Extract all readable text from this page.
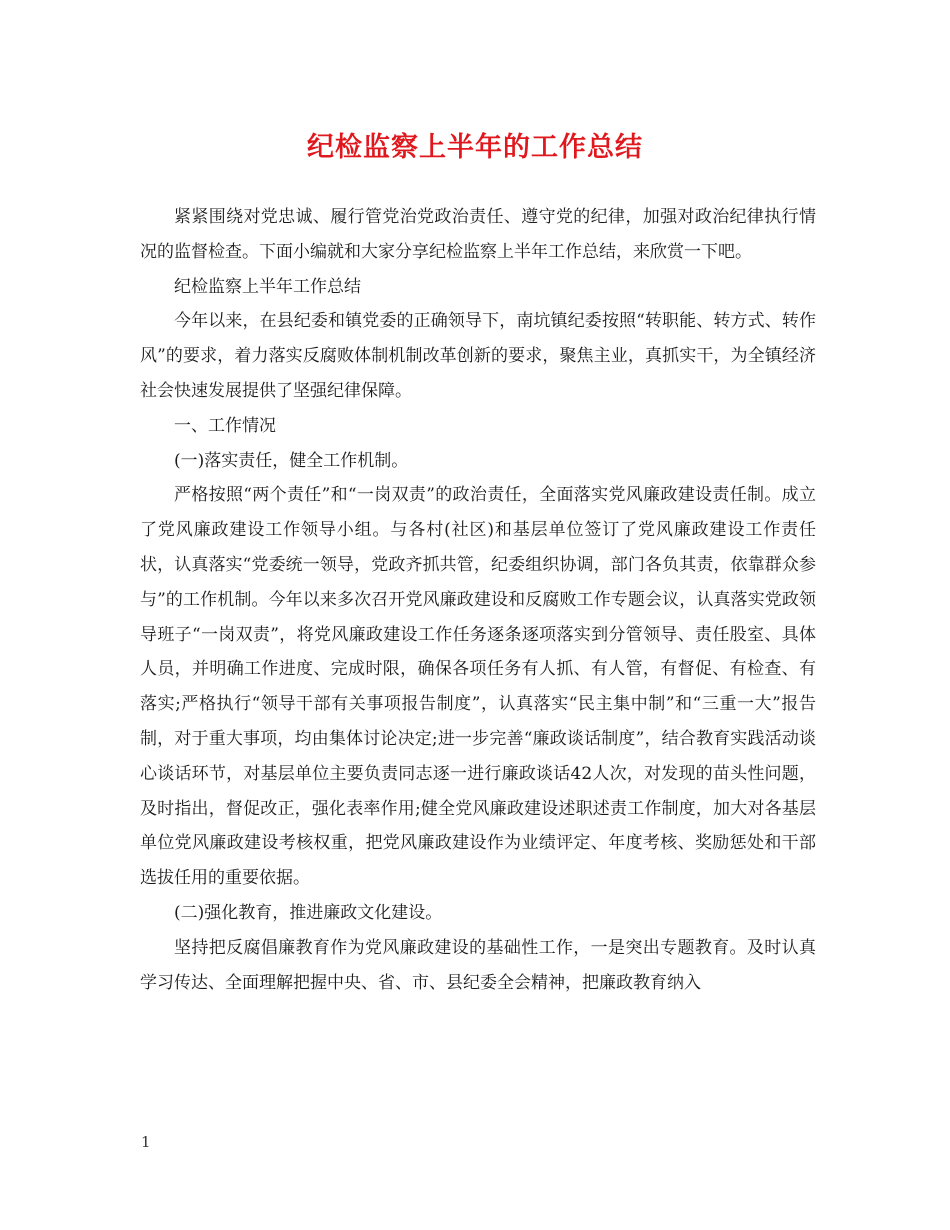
纪检监察上半年的工作总结

紧紧围绕对党忠诚、履行管党治党政治责任、遵守党的纪律，加强对政治纪律执行情况的监督检查。下面小编就和大家分享纪检监察上半年工作总结，来欣赏一下吧。

纪检监察上半年工作总结

今年以来，在县纪委和镇党委的正确领导下，南坑镇纪委按照“转职能、转方式、转作风”的要求，着力落实反腐败体制机制改革创新的要求，聚焦主业，真抓实干，为全镇经济社会快速发展提供了坚强纪律保障。

一、工作情况

(一)落实责任，健全工作机制。

严格按照“两个责任”和“一岗双责”的政治责任，全面落实党风廉政建设责任制。成立了党风廉政建设工作领导小组。与各村(社区)和基层单位签订了党风廉政建设工作责任状，认真落实“党委统一领导，党政齐抓共管，纪委组织协调，部门各负其责，依靠群众参与”的工作机制。今年以来多次召开党风廉政建设和反腐败工作专题会议，认真落实党政领导班子“一岗双责”，将党风廉政建设工作任务逐条逐项落实到分管领导、责任股室、具体人员，并明确工作进度、完成时限，确保各项任务有人抓、有人管，有督促、有检查、有落实;严格执行“领导干部有关事项报告制度”，认真落实“民主集中制”和“三重一大”报告制，对于重大事项，均由集体讨论决定;进一步完善“廉政谈话制度”，结合教育实践活动谈心谈话环节，对基层单位主要负责同志逐一进行廉政谈话42人次，对发现的苗头性问题，及时指出，督促改正，强化表率作用;健全党风廉政建设述职述责工作制度，加大对各基层单位党风廉政建设考核权重，把党风廉政建设作为业绩评定、年度考核、奖励惩处和干部选拔任用的重要依据。

(二)强化教育，推进廉政文化建设。

坚持把反腐倡廉教育作为党风廉政建设的基础性工作，一是突出专题教育。及时认真学习传达、全面理解把握中央、省、市、县纪委全会精神，把廉政教育纳入

1
